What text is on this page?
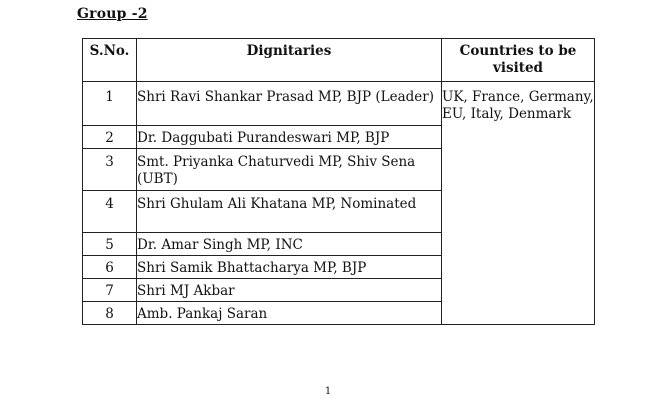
Group -2
S.No.	Dignitaries	Countries to be visited
1	Shri Ravi Shankar Prasad MP, BJP (Leader)	UK, France, Germany, EU, Italy, Denmark
2	Dr. Daggubati Purandeswari MP, BJP	
3	Smt. Priyanka Chaturvedi MP, Shiv Sena (UBT)	
4	Shri Ghulam Ali Khatana MP, Nominated	
5	Dr. Amar Singh MP, INC	
6	Shri Samik Bhattacharya MP, BJP	
7	Shri MJ Akbar	
8	Amb. Pankaj Saran	
1
